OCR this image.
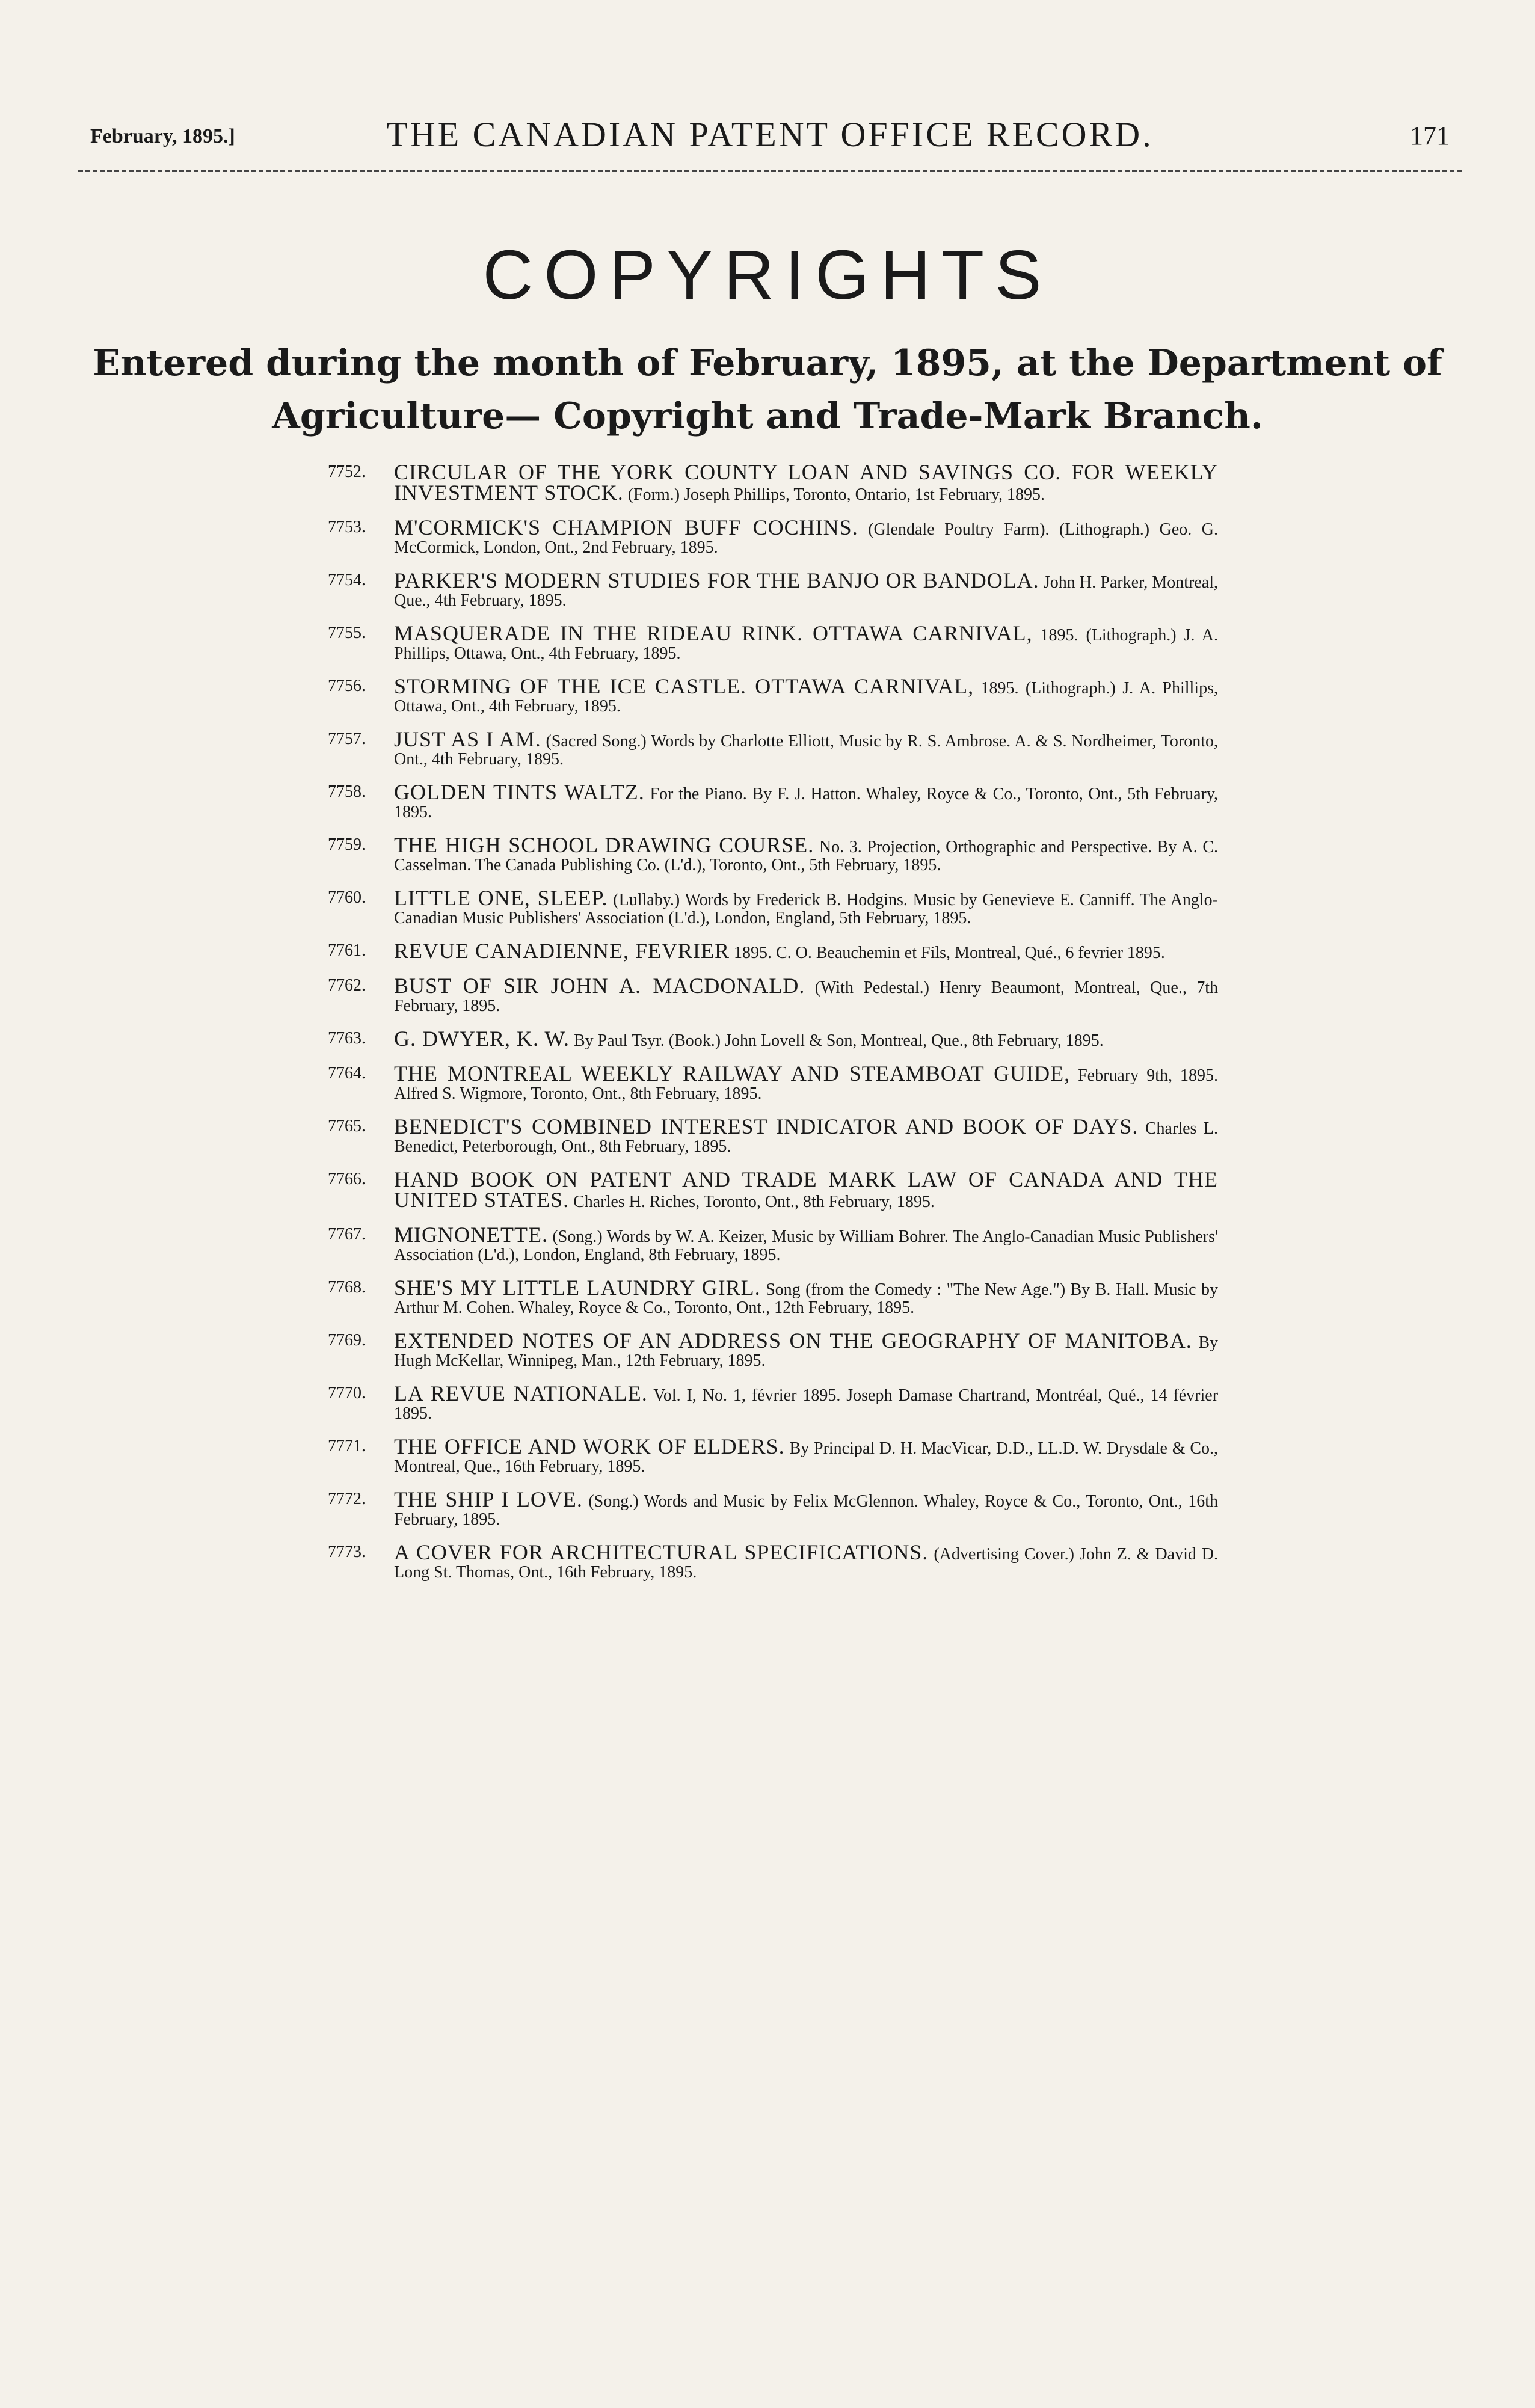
February, 1895.]	THE CANADIAN PATENT OFFICE RECORD.	171
COPYRIGHTS
Entered during the month of February, 1895, at the Department of Agriculture— Copyright and Trade-Mark Branch.
7752.	CIRCULAR OF THE YORK COUNTY LOAN AND SAVINGS CO. FOR WEEKLY INVESTMENT STOCK. (Form.) Joseph Phillips, Toronto, Ontario, 1st February, 1895.
7753.	M'CORMICK'S CHAMPION BUFF COCHINS. (Glendale Poultry Farm). (Lithograph.) Geo. G. McCormick, London, Ont., 2nd February, 1895.
7754.	PARKER'S MODERN STUDIES FOR THE BANJO OR BANDOLA. John H. Parker, Montreal, Que., 4th February, 1895.
7755.	MASQUERADE IN THE RIDEAU RINK. OTTAWA CARNIVAL, 1895. (Lithograph.) J. A. Phillips, Ottawa, Ont., 4th February, 1895.
7756.	STORMING OF THE ICE CASTLE. OTTAWA CARNIVAL, 1895. (Lithograph.) J. A. Phillips, Ottawa, Ont., 4th February, 1895.
7757.	JUST AS I AM. (Sacred Song.) Words by Charlotte Elliott, Music by R. S. Ambrose. A. & S. Nordheimer, Toronto, Ont., 4th February, 1895.
7758.	GOLDEN TINTS WALTZ. For the Piano. By F. J. Hatton. Whaley, Royce & Co., Toronto, Ont., 5th February, 1895.
7759.	THE HIGH SCHOOL DRAWING COURSE. No. 3. Projection, Orthographic and Perspective. By A. C. Casselman. The Canada Publishing Co. (L'd.), Toronto, Ont., 5th February, 1895.
7760.	LITTLE ONE, SLEEP. (Lullaby.) Words by Frederick B. Hodgins. Music by Genevieve E. Canniff. The Anglo-Canadian Music Publishers' Association (L'd.), London, England, 5th February, 1895.
7761.	REVUE CANADIENNE, FEVRIER 1895. C. O. Beauchemin et Fils, Montreal, Qué., 6 fevrier 1895.
7762.	BUST OF SIR JOHN A. MACDONALD. (With Pedestal.) Henry Beaumont, Montreal, Que., 7th February, 1895.
7763.	G. DWYER, K. W. By Paul Tsyr. (Book.) John Lovell & Son, Montreal, Que., 8th February, 1895.
7764.	THE MONTREAL WEEKLY RAILWAY AND STEAMBOAT GUIDE, February 9th, 1895. Alfred S. Wigmore, Toronto, Ont., 8th February, 1895.
7765.	BENEDICT'S COMBINED INTEREST INDICATOR AND BOOK OF DAYS. Charles L. Benedict, Peterborough, Ont., 8th February, 1895.
7766.	HAND BOOK ON PATENT AND TRADE MARK LAW OF CANADA AND THE UNITED STATES. Charles H. Riches, Toronto, Ont., 8th February, 1895.
7767.	MIGNONETTE. (Song.) Words by W. A. Keizer, Music by William Bohrer. The Anglo-Canadian Music Publishers' Association (L'd.), London, England, 8th February, 1895.
7768.	SHE'S MY LITTLE LAUNDRY GIRL. Song (from the Comedy : "The New Age.") By B. Hall. Music by Arthur M. Cohen. Whaley, Royce & Co., Toronto, Ont., 12th February, 1895.
7769.	EXTENDED NOTES OF AN ADDRESS ON THE GEOGRAPHY OF MANITOBA. By Hugh McKellar, Winnipeg, Man., 12th February, 1895.
7770.	LA REVUE NATIONALE. Vol. I, No. 1, février 1895. Joseph Damase Chartrand, Montréal, Qué., 14 février 1895.
7771.	THE OFFICE AND WORK OF ELDERS. By Principal D. H. MacVicar, D.D., LL.D. W. Drysdale & Co., Montreal, Que., 16th February, 1895.
7772.	THE SHIP I LOVE. (Song.) Words and Music by Felix McGlennon. Whaley, Royce & Co., Toronto, Ont., 16th February, 1895.
7773.	A COVER FOR ARCHITECTURAL SPECIFICATIONS. (Advertising Cover.) John Z. & David D. Long St. Thomas, Ont., 16th February, 1895.
